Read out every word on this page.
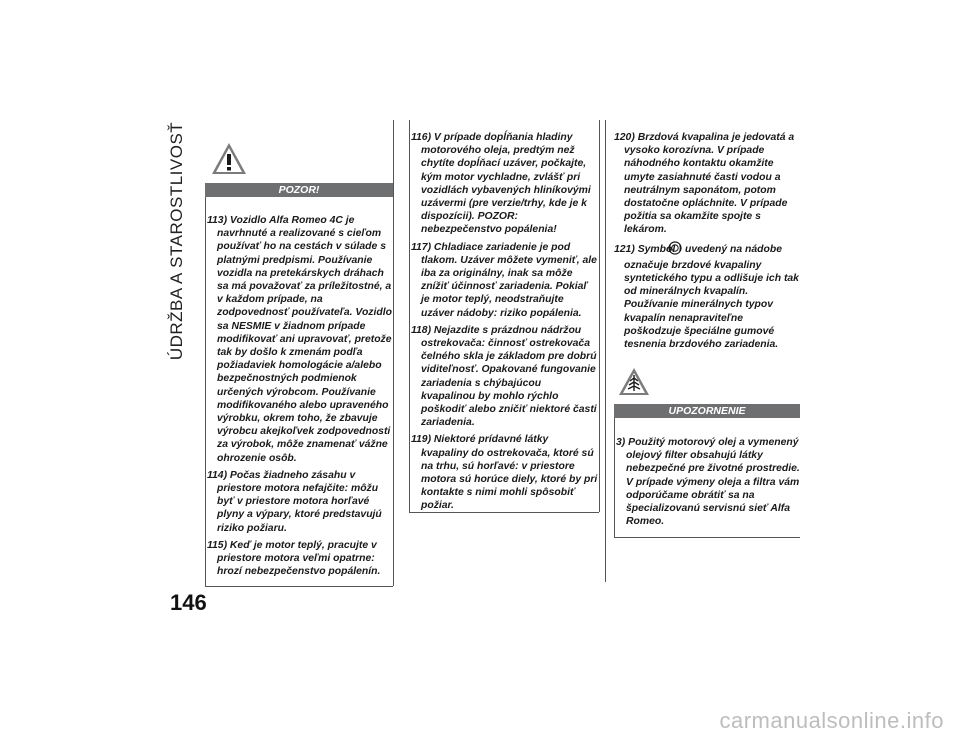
ÚDRŽBA A STAROSTLIVOSŤ
146
POZOR!
113) Vozidlo Alfa Romeo 4C je navrhnuté a realizované s cieľom používať ho na cestách v súlade s platnými predpismi. Používanie vozidla na pretekárskych dráhach sa má považovať za príležitostné, a v každom prípade, na zodpovednosť používateľa. Vozidlo sa NESMIE v žiadnom prípade modifikovať ani upravovať, pretože tak by došlo k zmenám podľa požiadaviek homologácie a/alebo bezpečnostných podmienok určených výrobcom. Používanie modifikovaného alebo upraveného výrobku, okrem toho, že zbavuje výrobcu akejkoľvek zodpovednosti za výrobok, môže znamenať vážne ohrozenie osôb.
114) Počas žiadneho zásahu v priestore motora nefajčite: môžu byť v priestore motora horľavé plyny a výpary, ktoré predstavujú riziko požiaru.
115) Keď je motor teplý, pracujte v priestore motora veľmi opatrne: hrozí nebezpečenstvo popálenín.
116) V prípade dopĺňania hladiny motorového oleja, predtým než chytíte dopĺňací uzáver, počkajte, kým motor vychladne, zvlášť pri vozidlách vybavených hliníkovými uzávermi (pre verzie/trhy, kde je k dispozícii). POZOR: nebezpečenstvo popálenia!
117) Chladiace zariadenie je pod tlakom. Uzáver môžete vymeniť, ale iba za originálny, inak sa môže znížiť účinnosť zariadenia. Pokiaľ je motor teplý, neodstraňujte uzáver nádoby: riziko popálenia.
118) Nejazdite s prázdnou nádržou ostrekovača: činnosť ostrekovača čelného skla je základom pre dobrú viditeľnosť. Opakované fungovanie zariadenia s chýbajúcou kvapalinou by mohlo rýchlo poškodiť alebo zničiť niektoré časti zariadenia.
119) Niektoré prídavné látky kvapaliny do ostrekovača, ktoré sú na trhu, sú horľavé: v priestore motora sú horúce diely, ktoré by pri kontakte s nimi mohli spôsobiť požiar.
120) Brzdová kvapalina je jedovatá a vysoko korozívna. V prípade náhodného kontaktu okamžite umyte zasiahnuté časti vodou a neutrálnym saponátom, potom dostatočne opláchnite. V prípade požitia sa okamžite spojte s lekárom.
121) Symbol uvedený na nádobe označuje brzdové kvapaliny syntetického typu a odlišuje ich tak od minerálnych kvapalín. Používanie minerálnych typov kvapalín nenapraviteľne poškodzuje špeciálne gumové tesnenia brzdového zariadenia.
UPOZORNENIE
3) Použitý motorový olej a vymenený olejový filter obsahujú látky nebezpečné pre životné prostredie. V prípade výmeny oleja a filtra vám odporúčame obrátiť sa na špecializovanú servisnú sieť Alfa Romeo.
carmanualsonline.info
